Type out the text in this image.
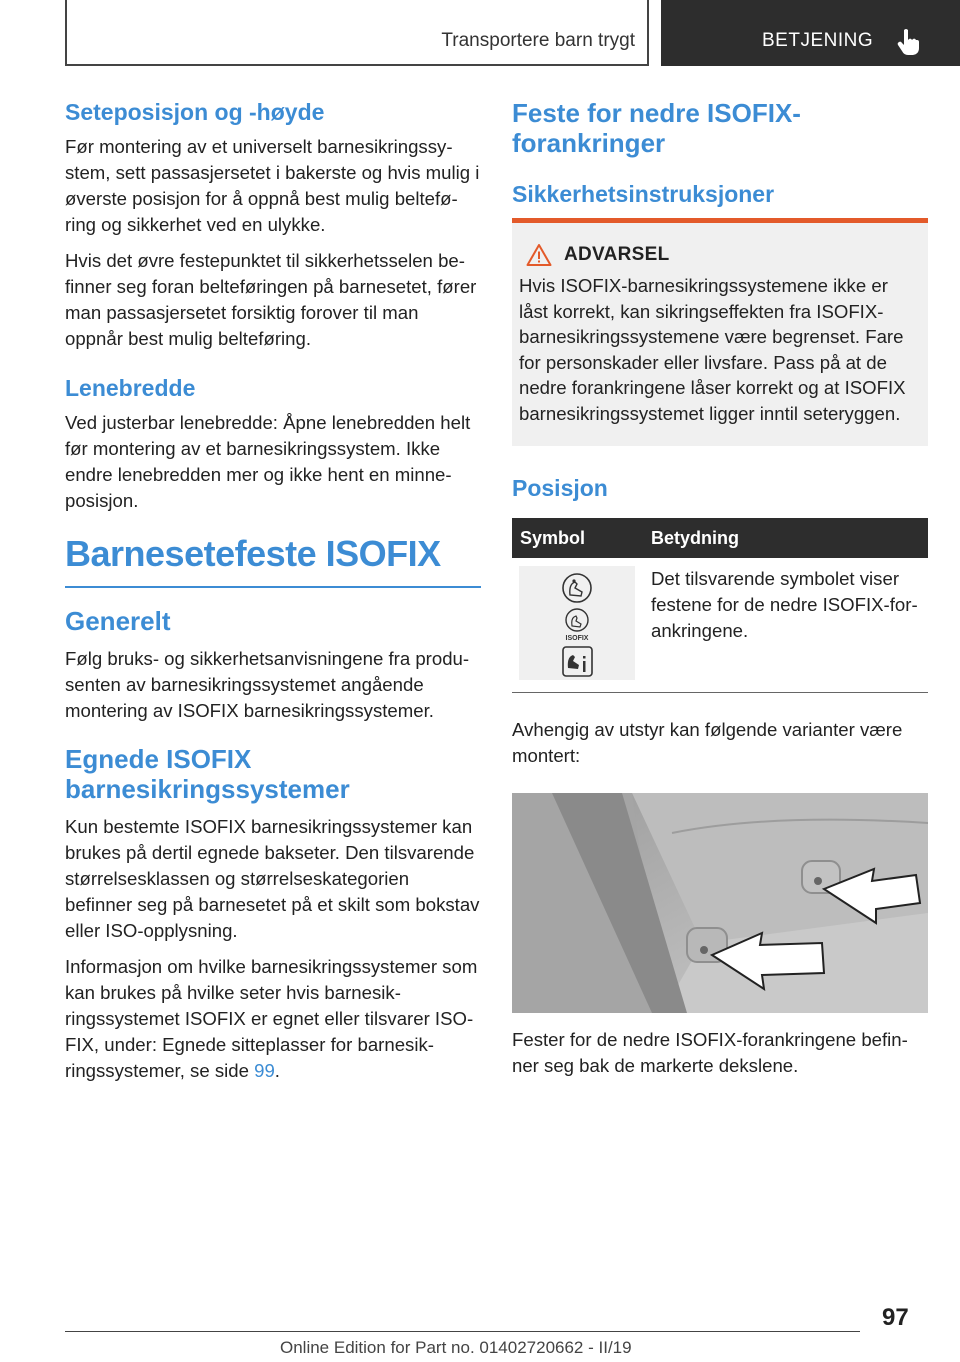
Transportere barn trygt	BETJENING
Seteposisjon og -høyde

Før montering av et universelt barnesikringssystem, sett passasjersetet i bakerste og hvis mulig i øverste posisjon for å oppnå best mulig belteføring og sikkerhet ved en ulykke.

Hvis det øvre festepunktet til sikkerhetsselen befinner seg foran belteføringen på barnesetet, fører man passasjersetet forsiktig forover til man oppnår best mulig belteføring.

Lenebredde

Ved justerbar lenebredde: Åpne lenebredden helt før montering av et barnesikringssystem. Ikke endre lenebredden mer og ikke hent en minne-posisjon.

Barnesetefeste ISOFIX
Generelt

Følg bruks- og sikkerhetsanvisningene fra produsenten av barnesikringssystemet angående montering av ISOFIX barnesikringssystemer.

Egnede ISOFIX barnesikringssystemer

Kun bestemte ISOFIX barnesikringssystemer kan brukes på dertil egnede bakseter. Den tilsvarende størrelsesklassen og størrelseskategorien befinner seg på barnesetet på et skilt som bokstav eller ISO-opplysning.

Informasjon om hvilke barnesikringssystemer som kan brukes på hvilke seter hvis barnesikringssystemet ISOFIX er egnet eller tilsvarer ISOFIX, under: Egnede sitteplasser for barnesikringssystemer, se side 99.

Feste for nedre ISOFIX-forankringer
Sikkerhetsinstruksjoner
ADVARSEL
Hvis ISOFIX-barnesikringssystemene ikke er låst korrekt, kan sikringseffekten fra ISOFIX-barnesikringssystemene være begrenset. Fare for personskader eller livsfare. Pass på at de nedre forankringene låser korrekt og at ISOFIX barnesikringssystemet ligger inntil seteryggen.
Posisjon
Symbol	Betydning

ISOFIX	Det tilsvarende symbolet viser festene for de nedre ISOFIX-forankringene.

Avhengig av utstyr kan følgende varianter være montert:

Fester for de nedre ISOFIX-forankringene befinner seg bak de markerte dekslene.

97
Online Edition for Part no. 01402720662 - II/19
